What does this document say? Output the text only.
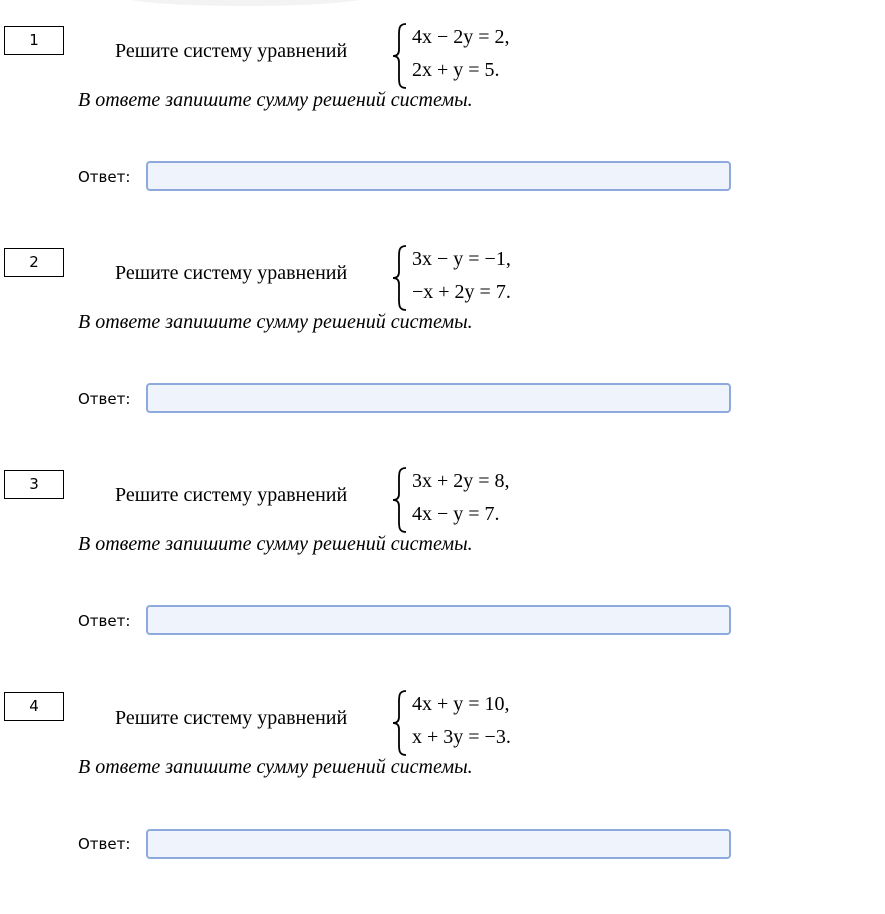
1	Решите систему уравнений
4x − 2y = 2,
2x + y = 5.
В ответе запишите сумму решений системы.
Ответ:
2	Решите систему уравнений
3x − y = −1,
−x + 2y = 7.
В ответе запишите сумму решений системы.
Ответ:
3	Решите систему уравнений
3x + 2y = 8,
4x − y = 7.
В ответе запишите сумму решений системы.
Ответ:
4
Решите систему уравнений
4x + y = 10,
x + 3y = −3.
В ответе запишите сумму решений системы.
Ответ:
